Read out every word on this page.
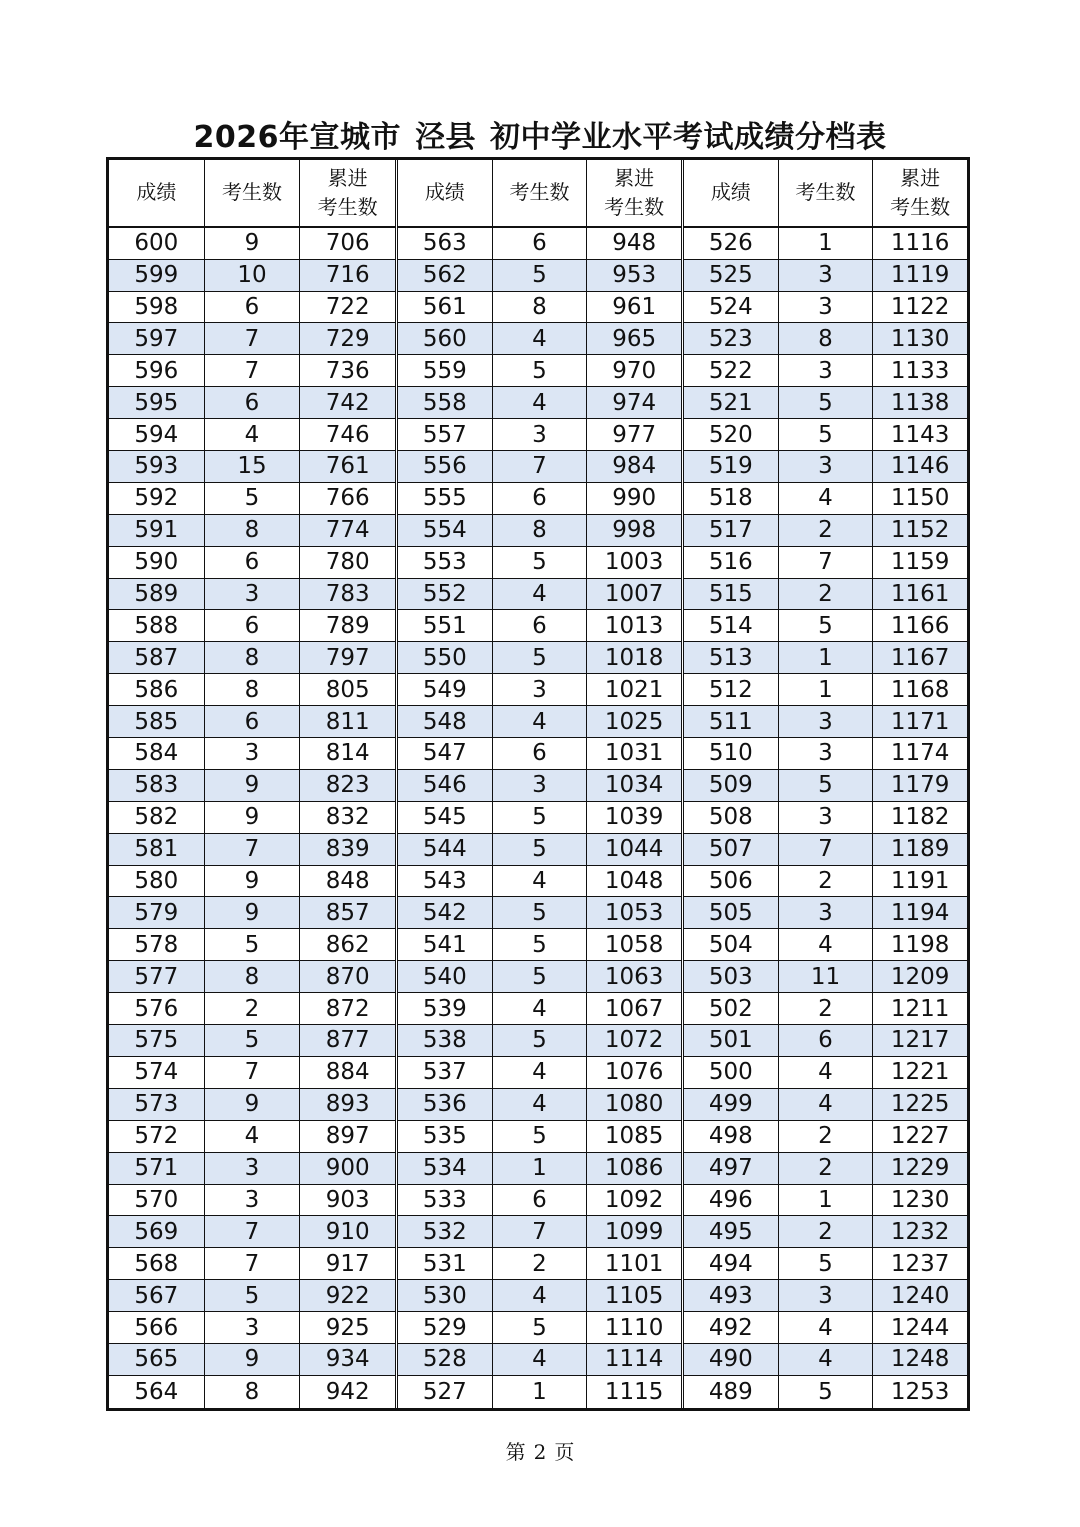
2026年宣城市 泾县 初中学业水平考试成绩分档表
成绩	考生数
累进
考生数
600	9	706
599	10	716
598	6	722
597	7	729
596	7	736
595	6	742
594	4	746
593	15	761
592	5	766
591	8	774
590	6	780
589	3	783
588	6	789
587	8	797
586	8	805
585	6	811
584	3	814
583	9	823
582	9	832
581	7	839
580	9	848
579	9	857
578	5	862
577	8	870
576	2	872
575	5	877
574	7	884
573	9	893
572	4	897
571	3	900
570	3	903
569	7	910
568	7	917
567	5	922
566	3	925
565	9	934
564	8	942
成绩	考生数
累进
考生数
563	6	948
562	5	953
561	8	961
560	4	965
559	5	970
558	4	974
557	3	977
556	7	984
555	6	990
554	8	998
553	5	1003
552	4	1007
551	6	1013
550	5	1018
549	3	1021
548	4	1025
547	6	1031
546	3	1034
545	5	1039
544	5	1044
543	4	1048
542	5	1053
541	5	1058
540	5	1063
539	4	1067
538	5	1072
537	4	1076
536	4	1080
535	5	1085
534	1	1086
533	6	1092
532	7	1099
531	2	1101
530	4	1105
529	5	1110
528	4	1114
527	1	1115
成绩	考生数
累进
考生数
526	1	1116
525	3	1119
524	3	1122
523	8	1130
522	3	1133
521	5	1138
520	5	1143
519	3	1146
518	4	1150
517	2	1152
516	7	1159
515	2	1161
514	5	1166
513	1	1167
512	1	1168
511	3	1171
510	3	1174
509	5	1179
508	3	1182
507	7	1189
506	2	1191
505	3	1194
504	4	1198
503	11	1209
502	2	1211
501	6	1217
500	4	1221
499	4	1225
498	2	1227
497	2	1229
496	1	1230
495	2	1232
494	5	1237
493	3	1240
492	4	1244
490	4	1248
489	5	1253
第 2 页
